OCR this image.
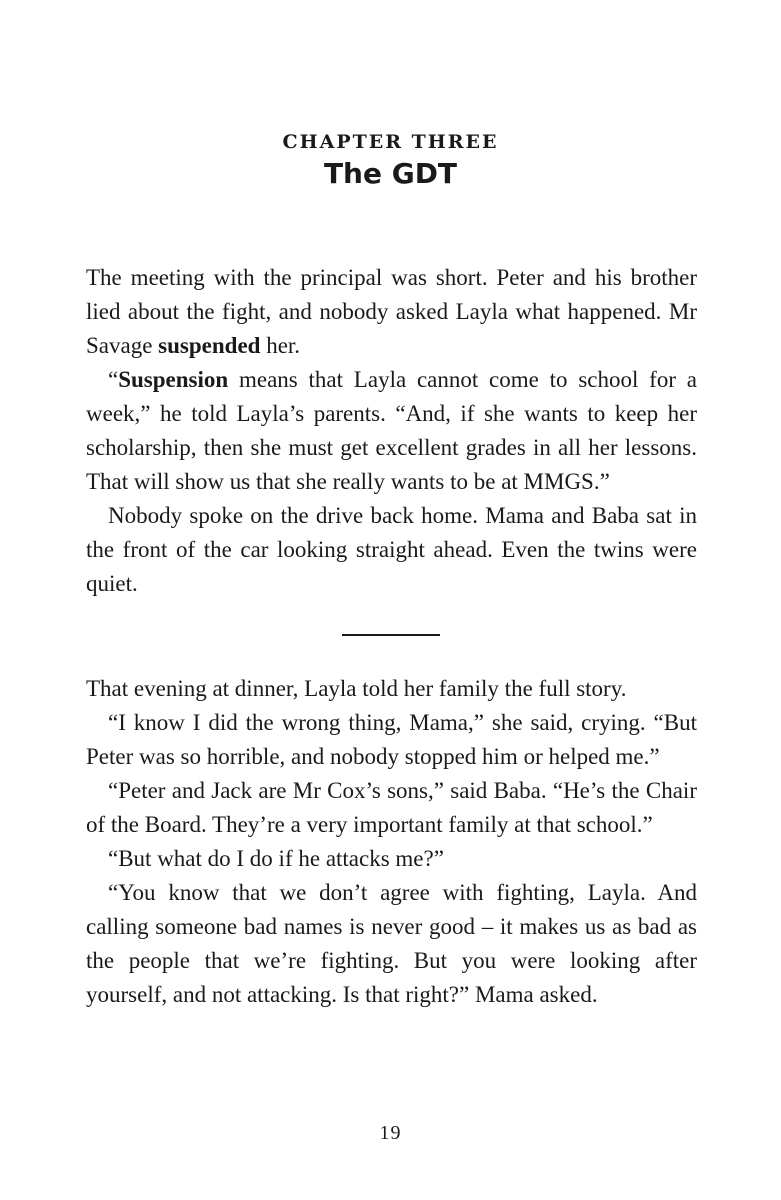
CHAPTER THREE
The GDT

The meeting with the principal was short. Peter and his brother lied about the fight, and nobody asked Layla what happened. Mr Savage suspended her.

“Suspension means that Layla cannot come to school for a week,” he told Layla’s parents. “And, if she wants to keep her scholarship, then she must get excellent grades in all her lessons. That will show us that she really wants to be at MMGS.”

Nobody spoke on the drive back home. Mama and Baba sat in the front of the car looking straight ahead. Even the twins were quiet.

That evening at dinner, Layla told her family the full story.

“I know I did the wrong thing, Mama,” she said, crying. “But Peter was so horrible, and nobody stopped him or helped me.”

“Peter and Jack are Mr Cox’s sons,” said Baba. “He’s the Chair of the Board. They’re a very important family at that school.”

“But what do I do if he attacks me?”

“You know that we don’t agree with fighting, Layla. And calling someone bad names is never good – it makes us as bad as the people that we’re fighting. But you were looking after yourself, and not attacking. Is that right?” Mama asked.

19
